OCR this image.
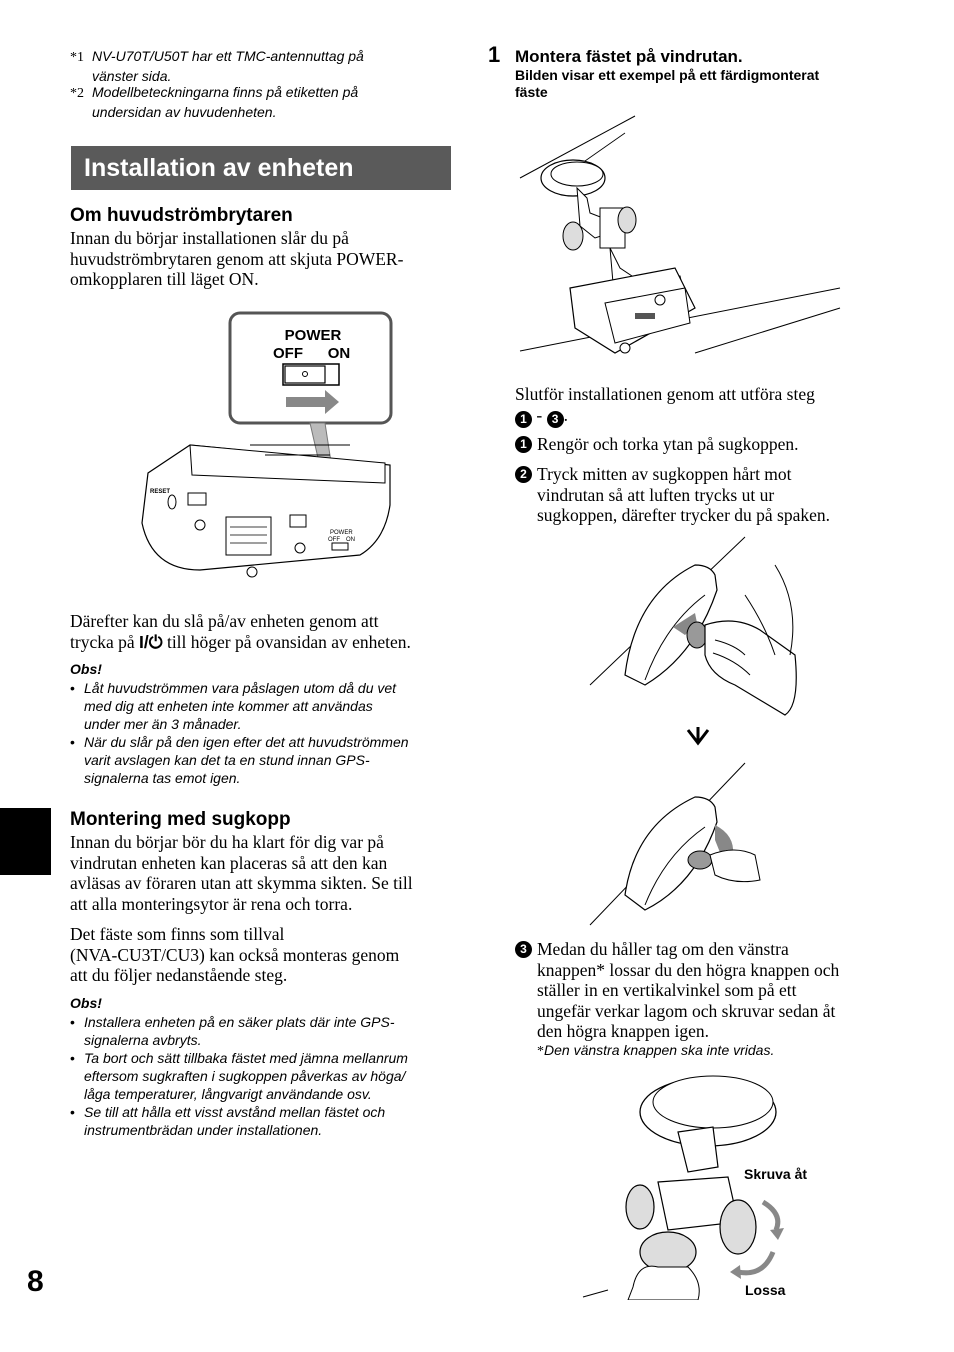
*1 NV-U70T/U50T har ett TMC-antennuttag på
vänster sida.
*2 Modellbeteckningarna finns på etiketten på
undersidan av huvudenheten.
Installation av enheten
Om huvudströmbrytaren
Innan du börjar installationen slår du på
huvudströmbrytaren genom att skjuta POWER-
omkopplaren till läget ON.
POWER
OFF ON
RESET
POWER
OFF ON
Därefter kan du slå på/av enheten genom att
trycka på I/⏻ till höger på ovansidan av enheten.
Obs!
• Låt huvudströmmen vara påslagen utom då du vet
med dig att enheten inte kommer att användas
under mer än 3 månader.
• När du slår på den igen efter det att huvudströmmen
varit avslagen kan det ta en stund innan GPS-
signalerna tas emot igen.
Montering med sugkopp
Innan du börjar bör du ha klart för dig var på
vindrutan enheten kan placeras så att den kan
avläsas av föraren utan att skymma sikten. Se till
att alla monteringsytor är rena och torra.
Det fäste som finns som tillval
(NVA-CU3T/CU3) kan också monteras genom
att du följer nedanstående steg.
Obs!
• Installera enheten på en säker plats där inte GPS-
signalerna avbryts.
• Ta bort och sätt tillbaka fästet med jämna mellanrum
eftersom sugkraften i sugkoppen påverkas av höga/
låga temperaturer, långvarigt användande osv.
• Se till att hålla ett visst avstånd mellan fästet och
instrumentbrädan under installationen.
8
1 Montera fästet på vindrutan.
Bilden visar ett exempel på ett färdigmonterat
fäste
Slutför installationen genom att utföra steg
1 - 3 .
1 Rengör och torka ytan på sugkoppen.
2 Tryck mitten av sugkoppen hårt mot
vindrutan så att luften trycks ut ur
sugkoppen, därefter trycker du på spaken.
3 Medan du håller tag om den vänstra
knappen* lossar du den högra knappen och
ställer in en vertikalvinkel som på ett
ungefär verkar lagom och skruvar sedan åt
den högra knappen igen.
*Den vänstra knappen ska inte vridas.
Skruva åt
Lossa
